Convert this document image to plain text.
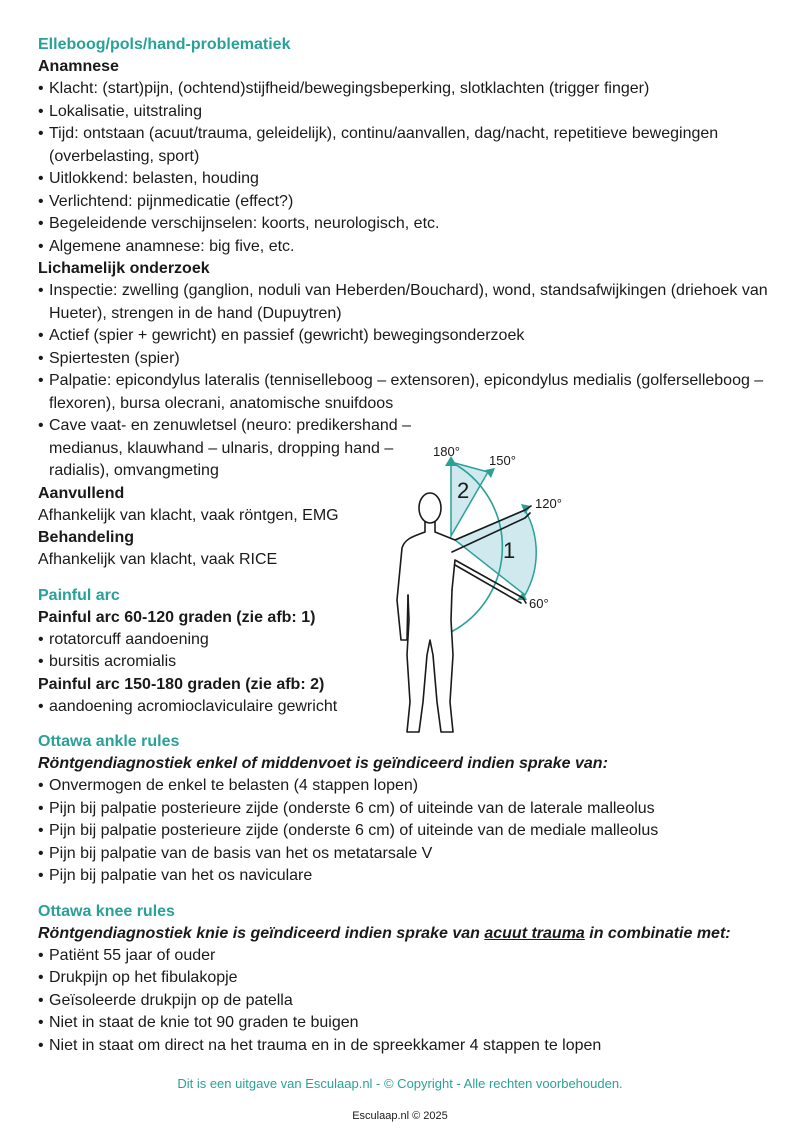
Elleboog/pols/hand-problematiek
Anamnese
• Klacht: (start)pijn, (ochtend)stijfheid/bewegingsbeperking, slotklachten (trigger finger)
• Lokalisatie, uitstraling
• Tijd: ontstaan (acuut/trauma, geleidelijk), continu/aanvallen, dag/nacht, repetitieve bewegingen (overbelasting, sport)
• Uitlokkend: belasten, houding
• Verlichtend: pijnmedicatie (effect?)
• Begeleidende verschijnselen: koorts, neurologisch, etc.
• Algemene anamnese: big five, etc.
Lichamelijk onderzoek
• Inspectie: zwelling (ganglion, noduli van Heberden/Bouchard), wond, standsafwijkingen (driehoek van Hueter), strengen in de hand (Dupuytren)
• Actief (spier + gewricht) en passief (gewricht) bewegingsonderzoek
• Spiertesten (spier)
• Palpatie: epicondylus lateralis (tenniselleboog – extensoren), epicondylus medialis (golferselleboog – flexoren), bursa olecrani, anatomische snuifdoos
• Cave vaat- en zenuwletsel (neuro: predikershand – medianus, klauwhand – ulnaris, dropping hand – radialis), omvangmeting
Aanvullend

Afhankelijk van klacht, vaak röntgen, EMG

Behandeling

Afhankelijk van klacht, vaak RICE

Painful arc
Painful arc 60-120 graden (zie afb: 1)
• rotatorcuff aandoening
• bursitis acromialis
Painful arc 150-180 graden (zie afb: 2)
• aandoening acromioclaviculaire gewricht
Ottawa ankle rules
Röntgendiagnostiek enkel of middenvoet is geïndiceerd indien sprake van:
• Onvermogen de enkel te belasten (4 stappen lopen)
• Pijn bij palpatie posterieure zijde (onderste 6 cm) of uiteinde van de laterale malleolus
• Pijn bij palpatie posterieure zijde (onderste 6 cm) of uiteinde van de mediale malleolus
• Pijn bij palpatie van de basis van het os metatarsale V
• Pijn bij palpatie van het os naviculare
Ottawa knee rules
Röntgendiagnostiek knie is geïndiceerd indien sprake van acuut trauma in combinatie met:
• Patiënt 55 jaar of ouder
• Drukpijn op het fibulakopje
• Geïsoleerde drukpijn op de patella
• Niet in staat de knie tot 90 graden te buigen
• Niet in staat om direct na het trauma en in de spreekkamer 4 stappen te lopen
180°
150°
120°
60°
2
1
Dit is een uitgave van Esculaap.nl - © Copyright - Alle rechten voorbehouden.
Esculaap.nl © 2025
